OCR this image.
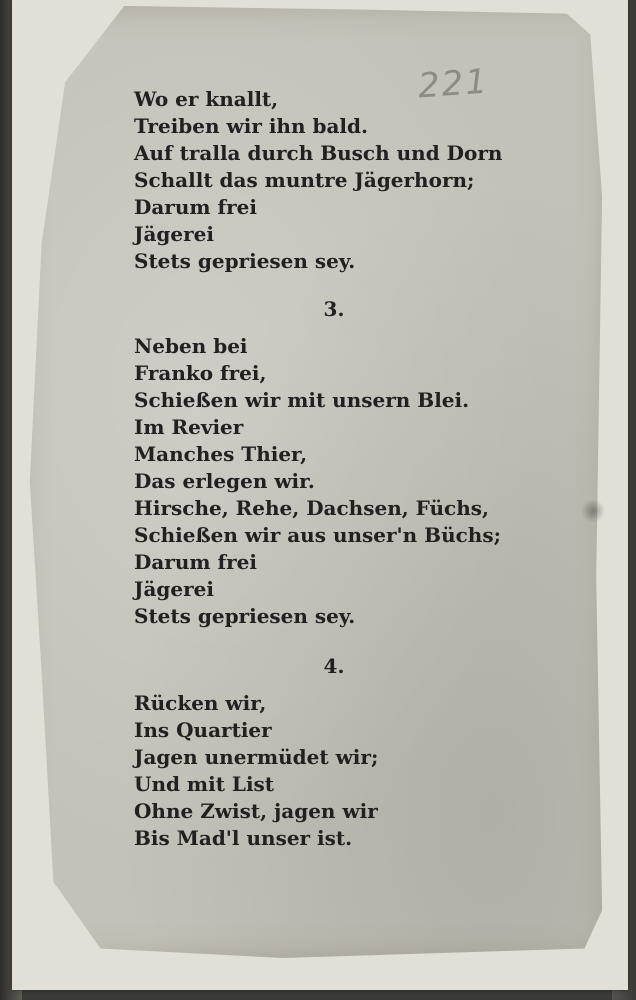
221
Wo er knallt,
Treiben wir ihn bald.
Auf tralla durch Busch und Dorn
Schallt das muntre Jägerhorn;
Darum frei
Jägerei
Stets gepriesen sey.
3.
Neben bei
Franko frei,
Schießen wir mit unsern Blei.
Im Revier
Manches Thier,
Das erlegen wir.
Hirsche, Rehe, Dachsen, Füchs,
Schießen wir aus unser'n Büchs;
Darum frei
Jägerei
Stets gepriesen sey.
4.
Rücken wir,
Ins Quartier
Jagen unermüdet wir;
Und mit List
Ohne Zwist, jagen wir
Bis Mad'l unser ist.
